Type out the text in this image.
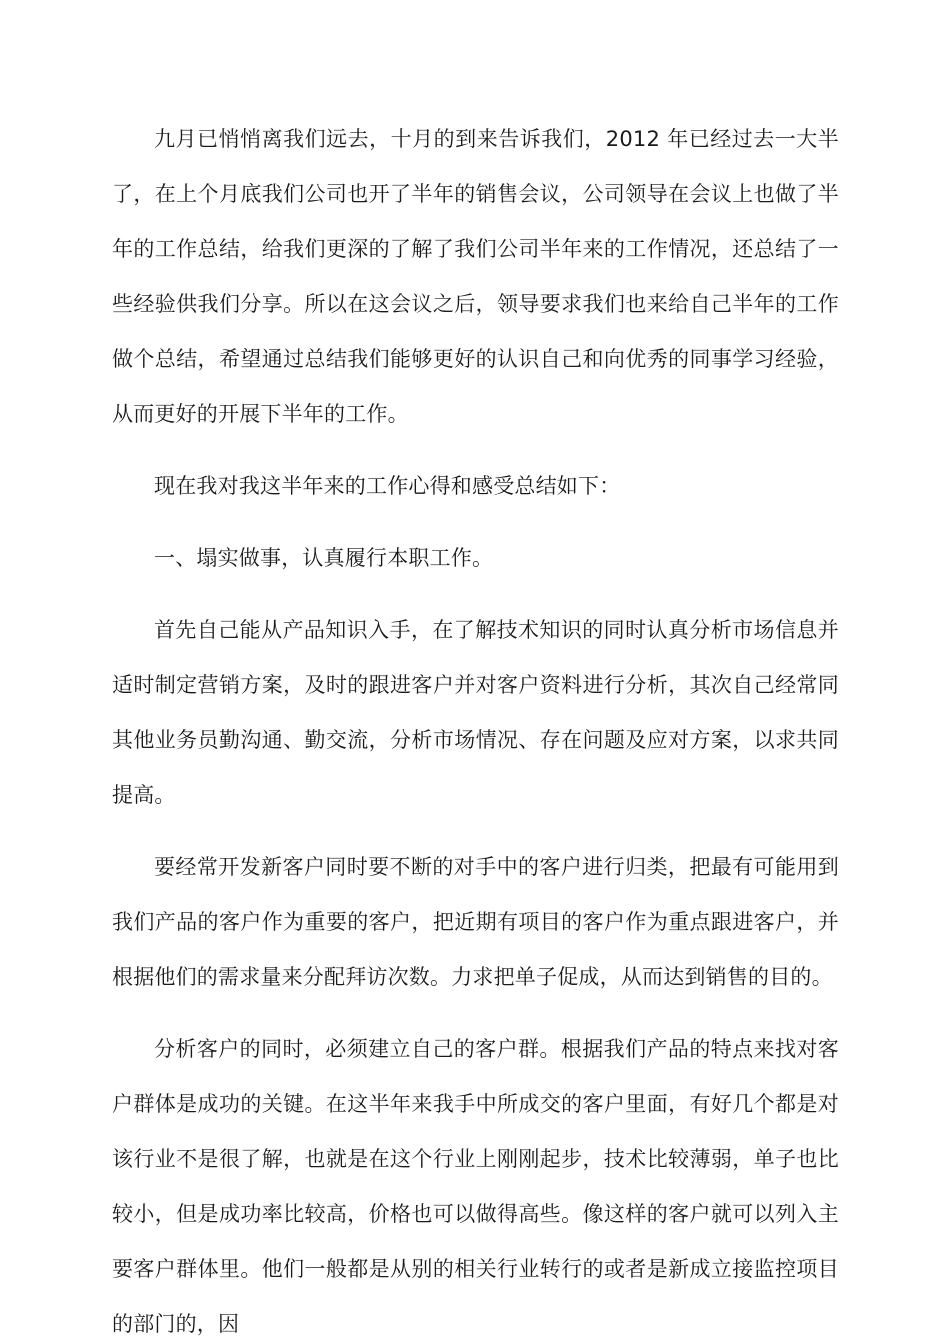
九月已悄悄离我们远去，十月的到来告诉我们，2012 年已经过去一大半了，在上个月底我们公司也开了半年的销售会议，公司领导在会议上也做了半年的工作总结，给我们更深的了解了我们公司半年来的工作情况，还总结了一些经验供我们分享。所以在这会议之后，领导要求我们也来给自己半年的工作做个总结，希望通过总结我们能够更好的认识自己和向优秀的同事学习经验，从而更好的开展下半年的工作。

现在我对我这半年来的工作心得和感受总结如下：

一、塌实做事，认真履行本职工作。

首先自己能从产品知识入手，在了解技术知识的同时认真分析市场信息并适时制定营销方案，及时的跟进客户并对客户资料进行分析，其次自己经常同其他业务员勤沟通、勤交流，分析市场情况、存在问题及应对方案，以求共同提高。

要经常开发新客户同时要不断的对手中的客户进行归类，把最有可能用到我们产品的客户作为重要的客户，把近期有项目的客户作为重点跟进客户，并根据他们的需求量来分配拜访次数。力求把单子促成，从而达到销售的目的。

分析客户的同时，必须建立自己的客户群。根据我们产品的特点来找对客户群体是成功的关键。在这半年来我手中所成交的客户里面，有好几个都是对该行业不是很了解，也就是在这个行业上刚刚起步，技术比较薄弱，单子也比较小，但是成功率比较高，价格也可以做得高些。像这样的客户就可以列入主要客户群体里。他们一般都是从别的相关行业转行的或者是新成立接监控项目的部门的，因
